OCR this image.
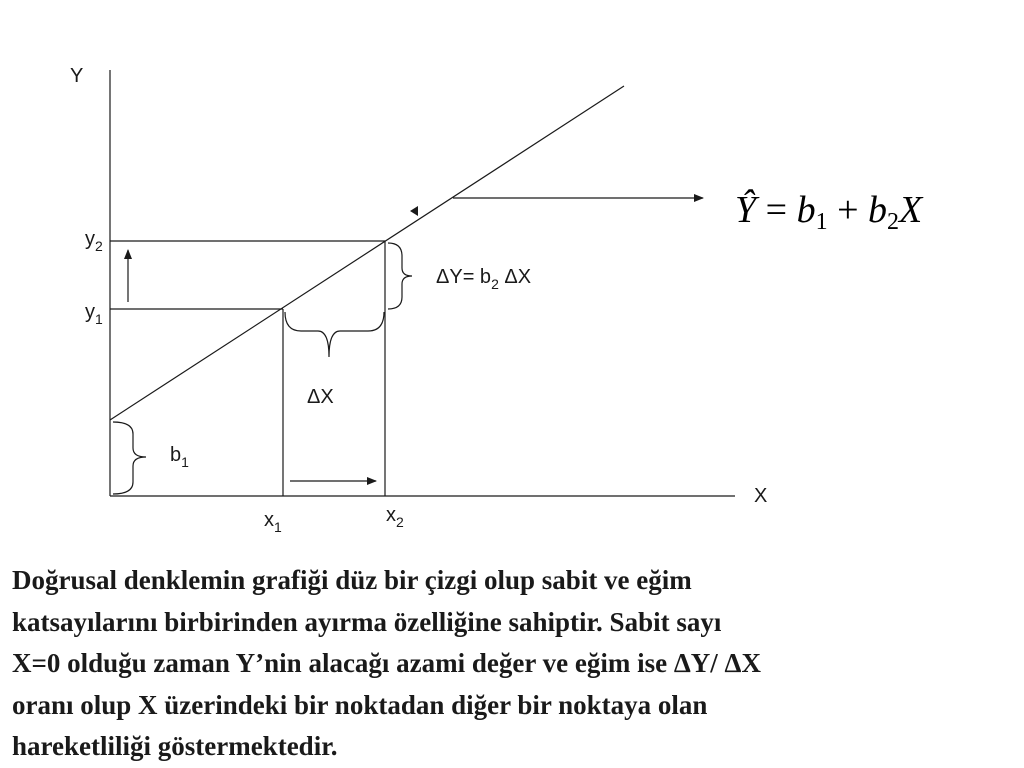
Y
X
$y_2$
$y_1$
$x_1$
$x_2$
ΔX
$b_1$
$\Delta Y= b_2$ ΔX
Ŷ = b1 + b2X

Doğrusal denklemin grafiği düz bir çizgi olup sabit ve eğim
katsayılarını birbirinden ayırma özelliğine sahiptir. Sabit sayı
X=0 olduğu zaman Y’nin alacağı azami değer ve eğim ise ΔY/ ΔX
oranı olup X üzerindeki bir noktadan diğer bir noktaya olan
hareketliliği göstermektedir.
